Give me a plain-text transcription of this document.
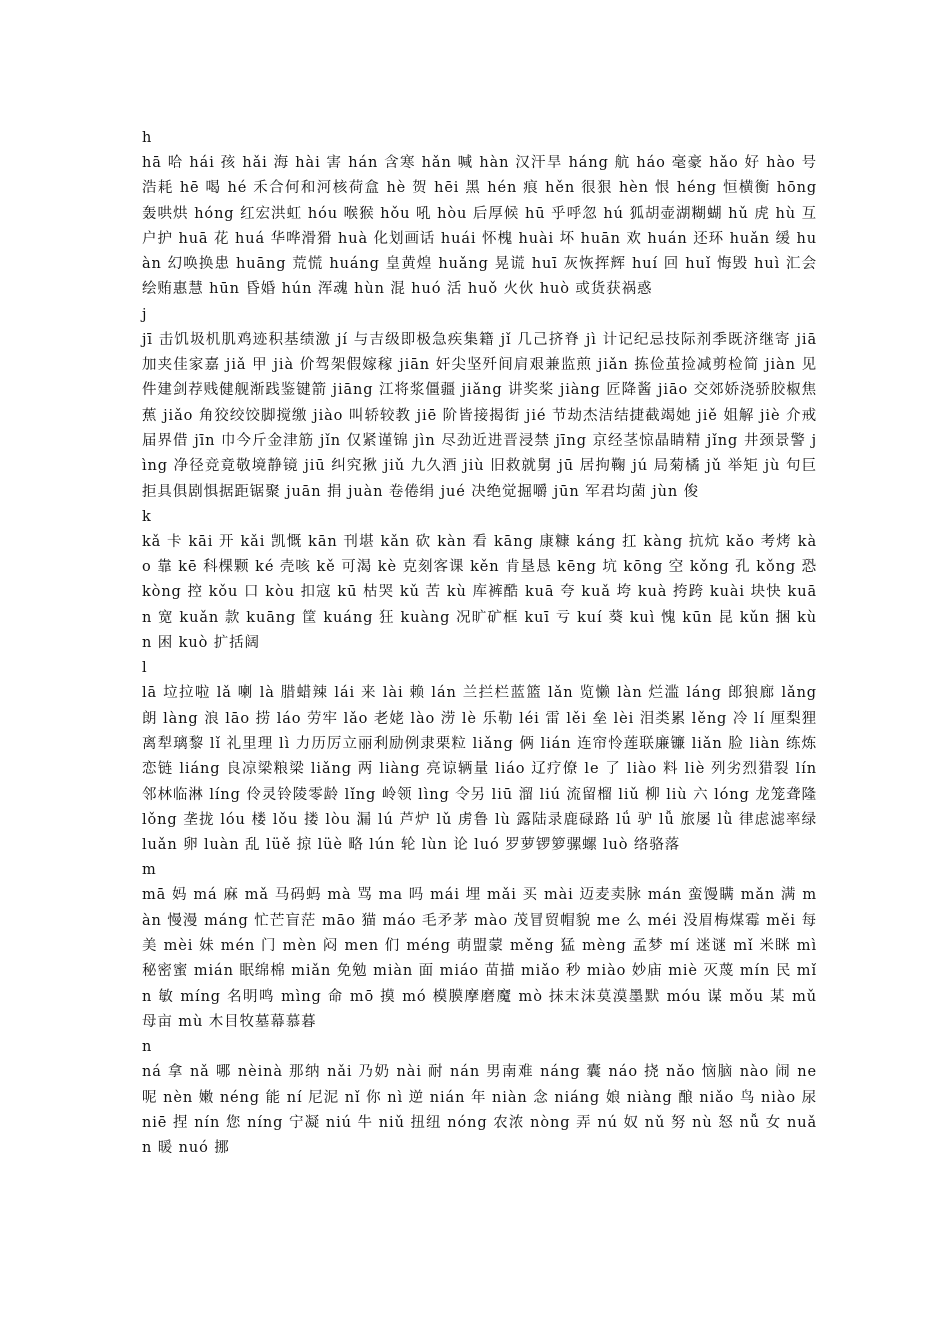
h
hā 哈 hái 孩 hǎi 海 hài 害 hán 含寒 hǎn 喊 hàn 汉汗旱 háng 航 háo 毫豪 hǎo 好 hào 号浩耗 hē 喝 hé 禾合何和河核荷盒 hè 贺 hēi 黑 hén 痕 hěn 很狠 hèn 恨 héng 恒横衡 hōng 轰哄烘 hóng 红宏洪虹 hóu 喉猴 hǒu 吼 hòu 后厚候 hū 乎呼忽 hú 狐胡壶湖糊蝴 hǔ 虎 hù 互户护 huā 花 huá 华哗滑猾 huà 化划画话 huái 怀槐 huài 坏 huān 欢 huán 还环 huǎn 缓 huàn 幻唤换患 huāng 荒慌 huáng 皇黄煌 huǎng 晃谎 huī 灰恢挥辉 huí 回 huǐ 悔毁 huì 汇会绘贿惠慧 hūn 昏婚 hún 浑魂 hùn 混 huó 活 huǒ 火伙 huò 或货获祸惑
j
jī 击饥圾机肌鸡迹积基绩激 jí 与吉级即极急疾集籍 jǐ 几己挤脊 jì 计记纪忌技际剂季既济继寄 jiā 加夹佳家嘉 jiǎ 甲 jià 价驾架假嫁稼 jiān 奸尖坚歼间肩艰兼监煎 jiǎn 拣俭茧捡减剪检简 jiàn 见件建剑荐贱健舰渐践鉴键箭 jiāng 江将浆僵疆 jiǎng 讲奖桨 jiàng 匠降酱 jiāo 交郊娇浇骄胶椒焦蕉 jiǎo 角狡绞饺脚搅缴 jiào 叫轿较教 jiē 阶皆接揭街 jié 节劫杰洁结捷截竭她 jiě 姐解 jiè 介戒届界借 jīn 巾今斤金津筋 jǐn 仅紧谨锦 jìn 尽劲近进晋浸禁 jīng 京经茎惊晶睛精 jǐng 井颈景警 jìng 净径竞竟敬境静镜 jiū 纠究揪 jiǔ 九久酒 jiù 旧救就舅 jū 居拘鞠 jú 局菊橘 jǔ 举矩 jù 句巨拒具俱剧惧据距锯聚 juān 捐 juàn 卷倦绢 jué 决绝觉掘嚼 jūn 军君均菌 jùn 俊
k
kǎ 卡 kāi 开 kǎi 凯慨 kān 刊堪 kǎn 砍 kàn 看 kāng 康糠 káng 扛 kàng 抗炕 kǎo 考烤 kào 靠 kē 科棵颗 ké 壳咳 kě 可渴 kè 克刻客课 kěn 肯垦恳 kēng 坑 kōng 空 kǒng 孔 kǒng 恐 kòng 控 kǒu 口 kòu 扣寇 kū 枯哭 kǔ 苦 kù 库裤酷 kuā 夸 kuǎ 垮 kuà 挎跨 kuài 块快 kuān 宽 kuǎn 款 kuāng 筐 kuáng 狂 kuàng 况旷矿框 kuī 亏 kuí 葵 kuì 愧 kūn 昆 kǔn 捆 kùn 困 kuò 扩括阔
l
lā 垃拉啦 lǎ 喇 là 腊蜡辣 lái 来 lài 赖 lán 兰拦栏蓝篮 lǎn 览懒 làn 烂滥 láng 郎狼廊 lǎng 朗 làng 浪 lāo 捞 láo 劳牢 lǎo 老姥 lào 涝 lè 乐勒 léi 雷 lěi 垒 lèi 泪类累 lěng 冷 lí 厘梨狸离犁璃黎 lǐ 礼里理 lì 力历厉立丽利励例隶栗粒 liǎng 俩 lián 连帘怜莲联廉镰 liǎn 脸 liàn 练炼恋链 liáng 良凉梁粮梁 liǎng 两 liàng 亮谅辆量 liáo 辽疗僚 le 了 liào 料 liè 列劣烈猎裂 lín 邻林临淋 líng 伶灵铃陵零龄 lǐng 岭领 lìng 令另 liū 溜 liú 流留榴 liǔ 柳 liù 六 lóng 龙笼聋隆 lǒng 垄拢 lóu 楼 lǒu 搂 lòu 漏 lú 芦炉 lǔ 虏鲁 lù 露陆录鹿碌路 lǘ 驴 lǚ 旅屡 lǜ 律虑滤率绿 luǎn 卵 luàn 乱 lüě 掠 lüè 略 lún 轮 lùn 论 luó 罗萝锣箩骡螺 luò 络骆落
m
mā 妈 má 麻 mǎ 马码蚂 mà 骂 ma 吗 mái 埋 mǎi 买 mài 迈麦卖脉 mán 蛮馒瞒 mǎn 满 màn 慢漫 máng 忙芒盲茫 māo 猫 máo 毛矛茅 mào 茂冒贸帽貌 me 么 méi 没眉梅煤霉 měi 每美 mèi 妹 mén 门 mèn 闷 men 们 méng 萌盟蒙 měng 猛 mèng 孟梦 mí 迷谜 mǐ 米眯 mì 秘密蜜 mián 眠绵棉 miǎn 免勉 miàn 面 miáo 苗描 miǎo 秒 miào 妙庙 miè 灭蔑 mín 民 mǐn 敏 míng 名明鸣 mìng 命 mō 摸 mó 模膜摩磨魔 mò 抹末沫莫漠墨默 móu 谋 mǒu 某 mǔ 母亩 mù 木目牧墓幕慕暮
n
ná 拿 nǎ 哪 nèinà 那纳 nǎi 乃奶 nài 耐 nán 男南难 náng 囊 náo 挠 nǎo 恼脑 nào 闹 ne 呢 nèn 嫩 néng 能 ní 尼泥 nǐ 你 nì 逆 nián 年 niàn 念 niáng 娘 niàng 酿 niǎo 鸟 niào 尿 niē 捏 nín 您 níng 宁凝 niú 牛 niǔ 扭纽 nóng 农浓 nòng 弄 nú 奴 nǔ 努 nù 怒 nǚ 女 nuǎn 暖 nuó 挪
